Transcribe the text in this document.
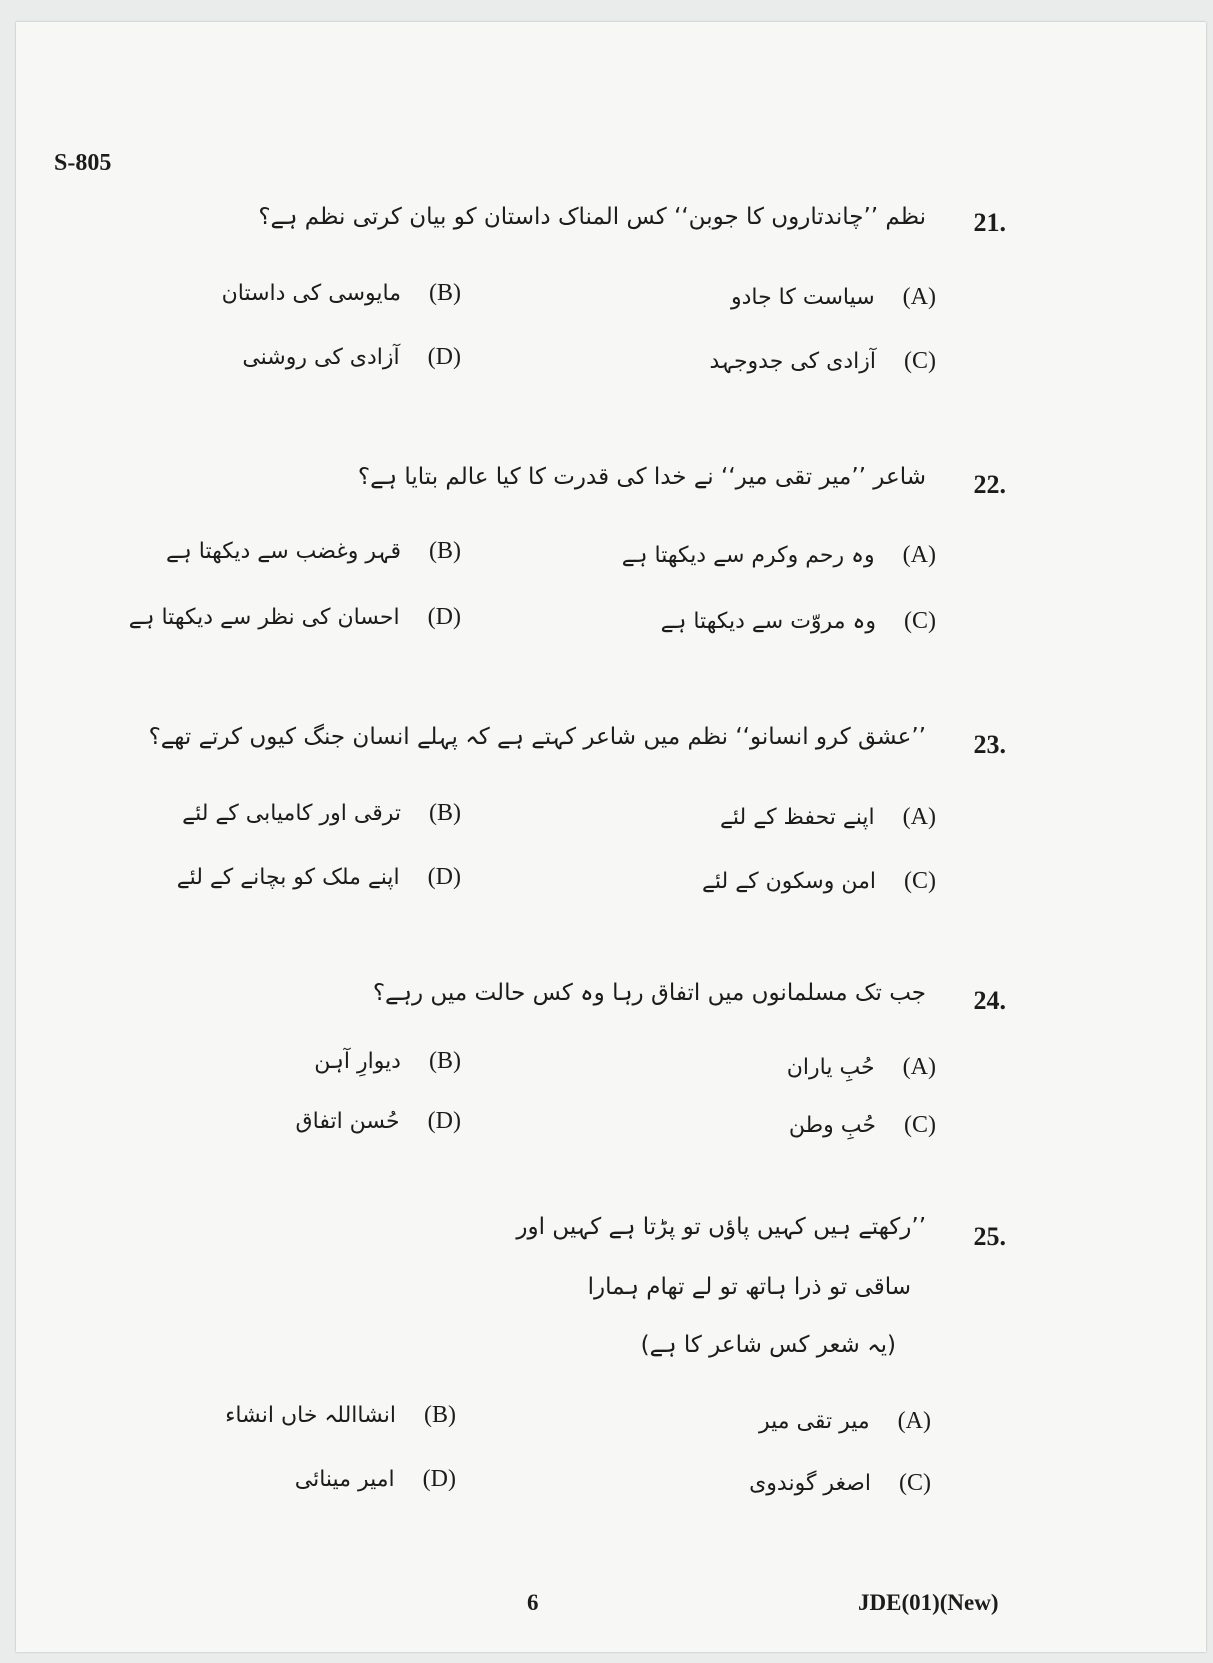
S-805
21.
نظم ’’چاندتاروں کا جوبن‘‘ کس المناک داستان کو بیان کرتی نظم ہے؟
(A)
سیاست کا جادو
(B)
مایوسی کی داستان
(C)
آزادی کی جدوجہد
(D)
آزادی کی روشنی
22.
شاعر ’’میر تقی میر‘‘ نے خدا کی قدرت کا کیا عالم بتایا ہے؟
(A)
وہ رحم وکرم سے دیکھتا ہے
(B)
قہر وغضب سے دیکھتا ہے
(C)
وہ مروّت سے دیکھتا ہے
(D)
احسان کی نظر سے دیکھتا ہے
23.
’’عشق کرو انسانو‘‘ نظم میں شاعر کہتے ہے کہ پہلے انسان جنگ کیوں کرتے تھے؟
(A)
اپنے تحفظ کے لئے
(B)
ترقی اور کامیابی کے لئے
(C)
امن وسکون کے لئے
(D)
اپنے ملک کو بچانے کے لئے
24.
جب تک مسلمانوں میں اتفاق رہا وہ کس حالت میں رہے؟
(A)
حُبِ یاران
(B)
دیوارِ آہن
(C)
حُبِ وطن
(D)
حُسن اتفاق
25.
’’رکھتے ہیں کہیں پاؤں تو پڑتا ہے کہیں اور
ساقی تو ذرا ہاتھ تو لے تھام ہمارا
(یہ شعر کس شاعر کا ہے)
(A)
میر تقی میر
(B)
انشااللہ خاں انشاء
(C)
اصغر گوندوی
(D)
امیر مینائی
6	JDE(01)(New)
